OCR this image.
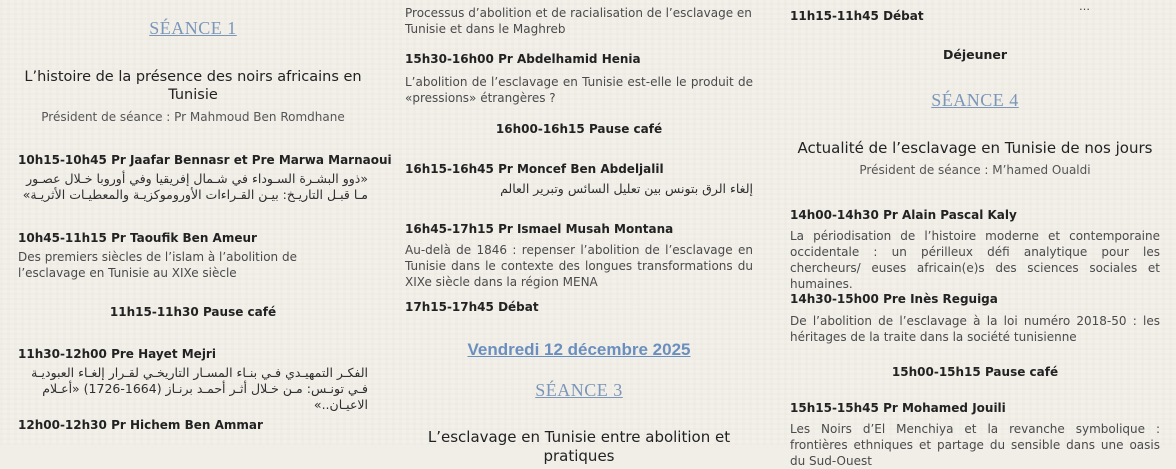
SÉANCE 1
L’histoire de la présence des noirs africains en Tunisie
Président de séance : Pr Mahmoud Ben Romdhane
10h15-10h45 Pr Jaafar Bennasr et Pre Marwa Marnaoui
«ذوو البشـرة السـوداء في شـمال إفريقيا وفي أوروبا خـلال عصـور مـا قبـل التاريـخ: بيـن القـراءات الأوروموكزيـة والمعطيـات الأثريـة»
10h45-11h15 Pr Taoufik Ben Ameur
Des premiers siècles de l’islam à l’abolition de l’esclavage en Tunisie au XIXe siècle
11h15-11h30 Pause café
11h30-12h00 Pre Hayet Mejri
الفكـر التمهيـدي فـي بنـاء المسـار التاريخـي لقـرار إلغـاء العبوديـة فـي تونـس: مـن خـلال أثـر أحمـد برنـاز (1664-1726) «أعـلام الاعيـان..»
12h00-12h30 Pr Hichem Ben Ammar
Processus d’abolition et de racialisation de l’esclavage en Tunisie et dans le Maghreb
15h30-16h00 Pr Abdelhamid Henia
L’abolition de l’esclavage en Tunisie est-elle le produit de «pressions» étrangères ?
16h00-16h15 Pause café
16h15-16h45 Pr Moncef Ben Abdeljalil
إلغاء الرق بتونس بين تعليل السائس وتبرير العالم
16h45-17h15 Pr Ismael Musah Montana
Au-delà de 1846 : repenser l’abolition de l’esclavage en Tunisie dans le contexte des longues transformations du XIXe siècle dans la région MENA
17h15-17h45 Débat
Vendredi 12 décembre 2025
SÉANCE 3
L’esclavage en Tunisie entre abolition et pratiques
…
11h15-11h45 Débat
Déjeuner
SÉANCE 4
Actualité de l’esclavage en Tunisie de nos jours
Président de séance : M’hamed Oualdi
14h00-14h30 Pr Alain Pascal Kaly
La périodisation de l’histoire moderne et contemporaine occidentale : un périlleux défi analytique pour les chercheurs/ euses africain(e)s des sciences sociales et humaines.
14h30-15h00 Pre Inès Reguiga
De l’abolition de l’esclavage à la loi numéro 2018-50 : les héritages de la traite dans la société tunisienne
15h00-15h15 Pause café
15h15-15h45 Pr Mohamed Jouili
Les Noirs d’El Menchiya et la revanche symbolique : frontières ethniques et partage du sensible dans une oasis du Sud-Ouest
